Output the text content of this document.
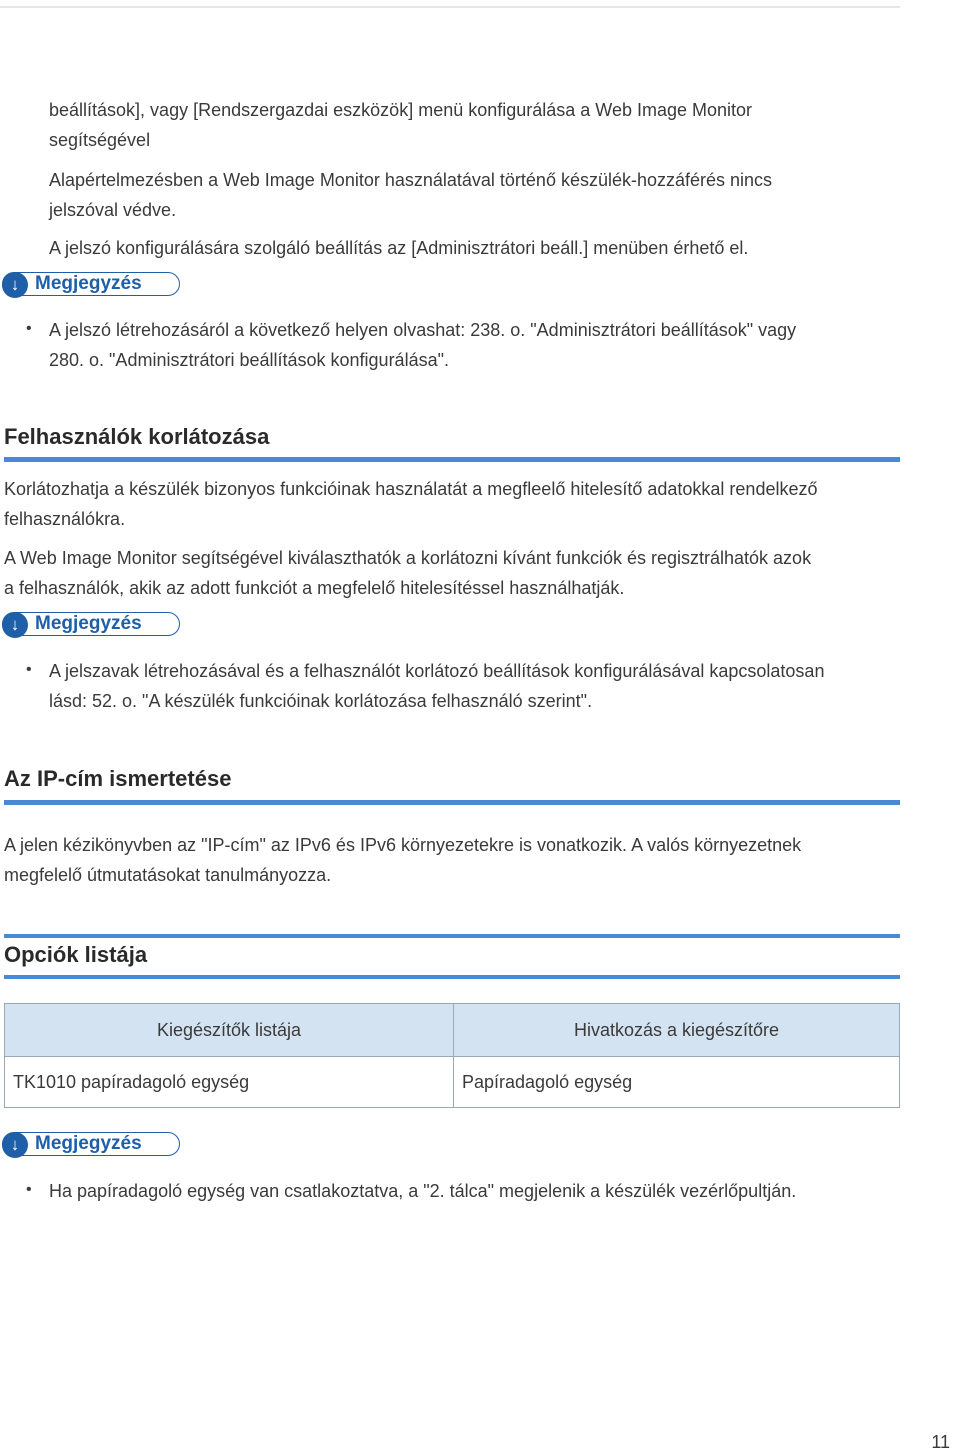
beállítások], vagy [Rendszergazdai eszközök] menü konfigurálása a Web Image Monitor
segítségével
Alapértelmezésben a Web Image Monitor használatával történő készülék-hozzáférés nincs
jelszóval védve.
A jelszó konfigurálására szolgáló beállítás az [Adminisztrátori beáll.] menüben érhető el.
↓ Megjegyzés
• A jelszó létrehozásáról a következő helyen olvashat: 238. o. "Adminisztrátori beállítások" vagy
280. o. "Adminisztrátori beállítások konfigurálása".
Felhasználók korlátozása
Korlátozhatja a készülék bizonyos funkcióinak használatát a megfleelő hitelesítő adatokkal rendelkező
felhasználókra.
A Web Image Monitor segítségével kiválaszthatók a korlátozni kívánt funkciók és regisztrálhatók azok
a felhasználók, akik az adott funkciót a megfelelő hitelesítéssel használhatják.
↓ Megjegyzés
• A jelszavak létrehozásával és a felhasználót korlátozó beállítások konfigurálásával kapcsolatosan
lásd: 52. o. "A készülék funkcióinak korlátozása felhasználó szerint".
Az IP-cím ismertetése
A jelen kézikönyvben az "IP-cím" az IPv6 és IPv6 környezetekre is vonatkozik. A valós környezetnek
megfelelő útmutatásokat tanulmányozza.
Opciók listája
Kiegészítők listája	Hivatkozás a kiegészítőre
TK1010 papíradagoló egység	Papíradagoló egység
↓ Megjegyzés
• Ha papíradagoló egység van csatlakoztatva, a "2. tálca" megjelenik a készülék vezérlőpultján.
11
